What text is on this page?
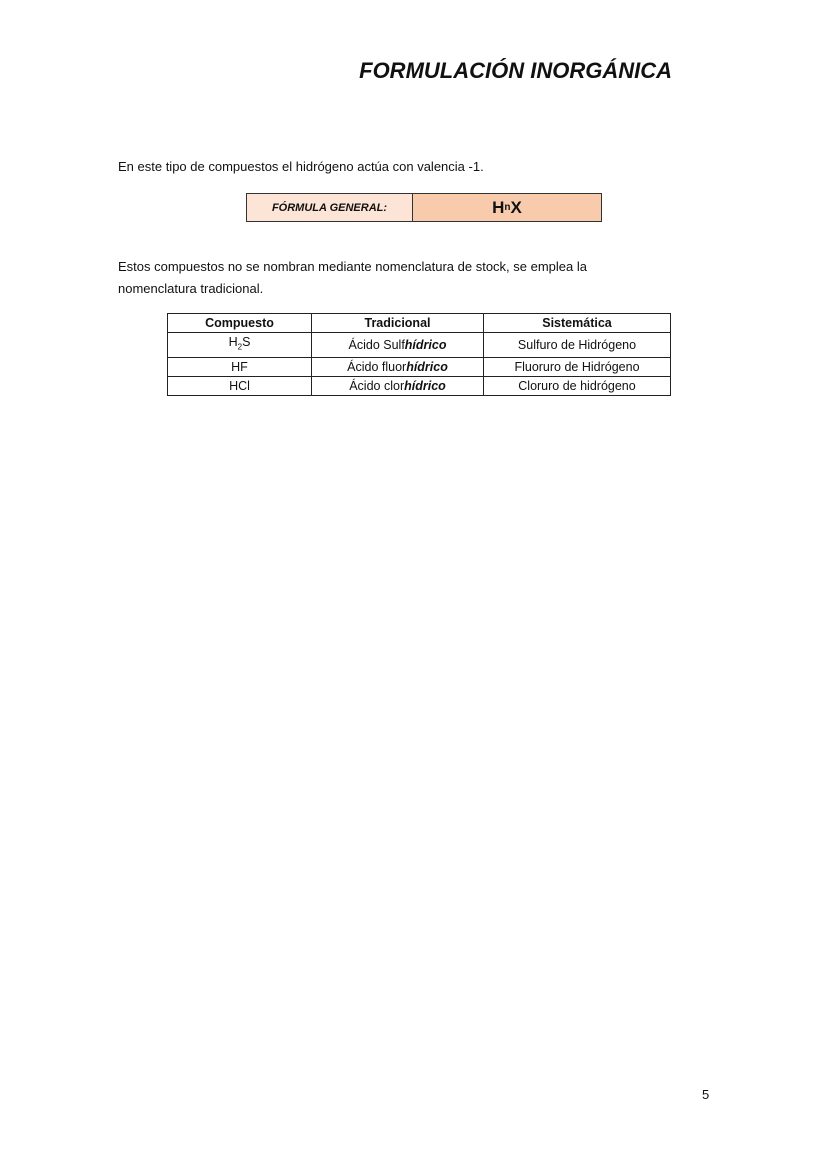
FORMULACIÓN INORGÁNICA
En este tipo de compuestos el hidrógeno actúa con valencia -1.
FÓRMULA GENERAL:	H n X
Estos compuestos no se nombran mediante nomenclatura de stock, se emplea la nomenclatura tradicional.
Compuesto	Tradicional	Sistemática
$H_2S$	Ácido Sulfhídrico	Sulfuro de Hidrógeno
HF	Ácido fluorhídrico	Fluoruro de Hidrógeno
HCl	Ácido clorhídrico	Cloruro de hidrógeno
5
